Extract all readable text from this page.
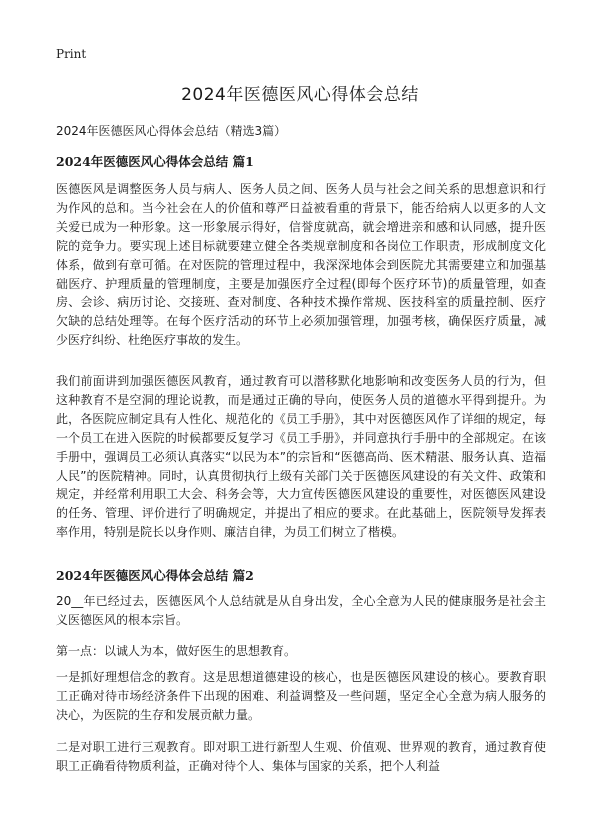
Print
2024年医德医风心得体会总结

2024年医德医风心得体会总结（精选3篇）

2024年医德医风心得体会总结 篇1

医德医风是调整医务人员与病人、医务人员之间、医务人员与社会之间关系的思想意识和行为作风的总和。当今社会在人的价值和尊严日益被看重的背景下，能否给病人以更多的人文关爱已成为一种形象。这一形象展示得好，信誉度就高，就会增进亲和感和认同感，提升医院的竞争力。要实现上述目标就要建立健全各类规章制度和各岗位工作职责，形成制度文化体系，做到有章可循。在对医院的管理过程中，我深深地体会到医院尤其需要建立和加强基础医疗、护理质量的管理制度，主要是加强医疗全过程(即每个医疗环节)的质量管理，如查房、会诊、病历讨论、交接班、查对制度、各种技术操作常规、医技科室的质量控制、医疗欠缺的总结处理等。在每个医疗活动的环节上必须加强管理，加强考核，确保医疗质量，减少医疗纠纷、杜绝医疗事故的发生。

我们前面讲到加强医德医风教育，通过教育可以潜移默化地影响和改变医务人员的行为，但这种教育不是空洞的理论说教，而是通过正确的导向，使医务人员的道德水平得到提升。为此，各医院应制定具有人性化、规范化的《员工手册》，其中对医德医风作了详细的规定，每一个员工在进入医院的时候都要反复学习《员工手册》，并同意执行手册中的全部规定。在该手册中，强调员工必须认真落实“以民为本”的宗旨和“医德高尚、医术精湛、服务认真、造福人民”的医院精神。同时，认真贯彻执行上级有关部门关于医德医风建设的有关文件、政策和规定，并经常利用职工大会、科务会等，大力宣传医德医风建设的重要性，对医德医风建设的任务、管理、评价进行了明确规定，并提出了相应的要求。在此基础上，医院领导发挥表率作用，特别是院长以身作则、廉洁自律，为员工们树立了楷模。

2024年医德医风心得体会总结 篇2

20__年已经过去，医德医风个人总结就是从自身出发，全心全意为人民的健康服务是社会主义医德医风的根本宗旨。

第一点：以诚人为本，做好医生的思想教育。

一是抓好理想信念的教育。这是思想道德建设的核心，也是医德医风建设的核心。要教育职工正确对待市场经济条件下出现的困难、利益调整及一些问题，坚定全心全意为病人服务的决心，为医院的生存和发展贡献力量。

二是对职工进行三观教育。即对职工进行新型人生观、价值观、世界观的教育，通过教育使职工正确看待物质利益，正确对待个人、集体与国家的关系，把个人利益
